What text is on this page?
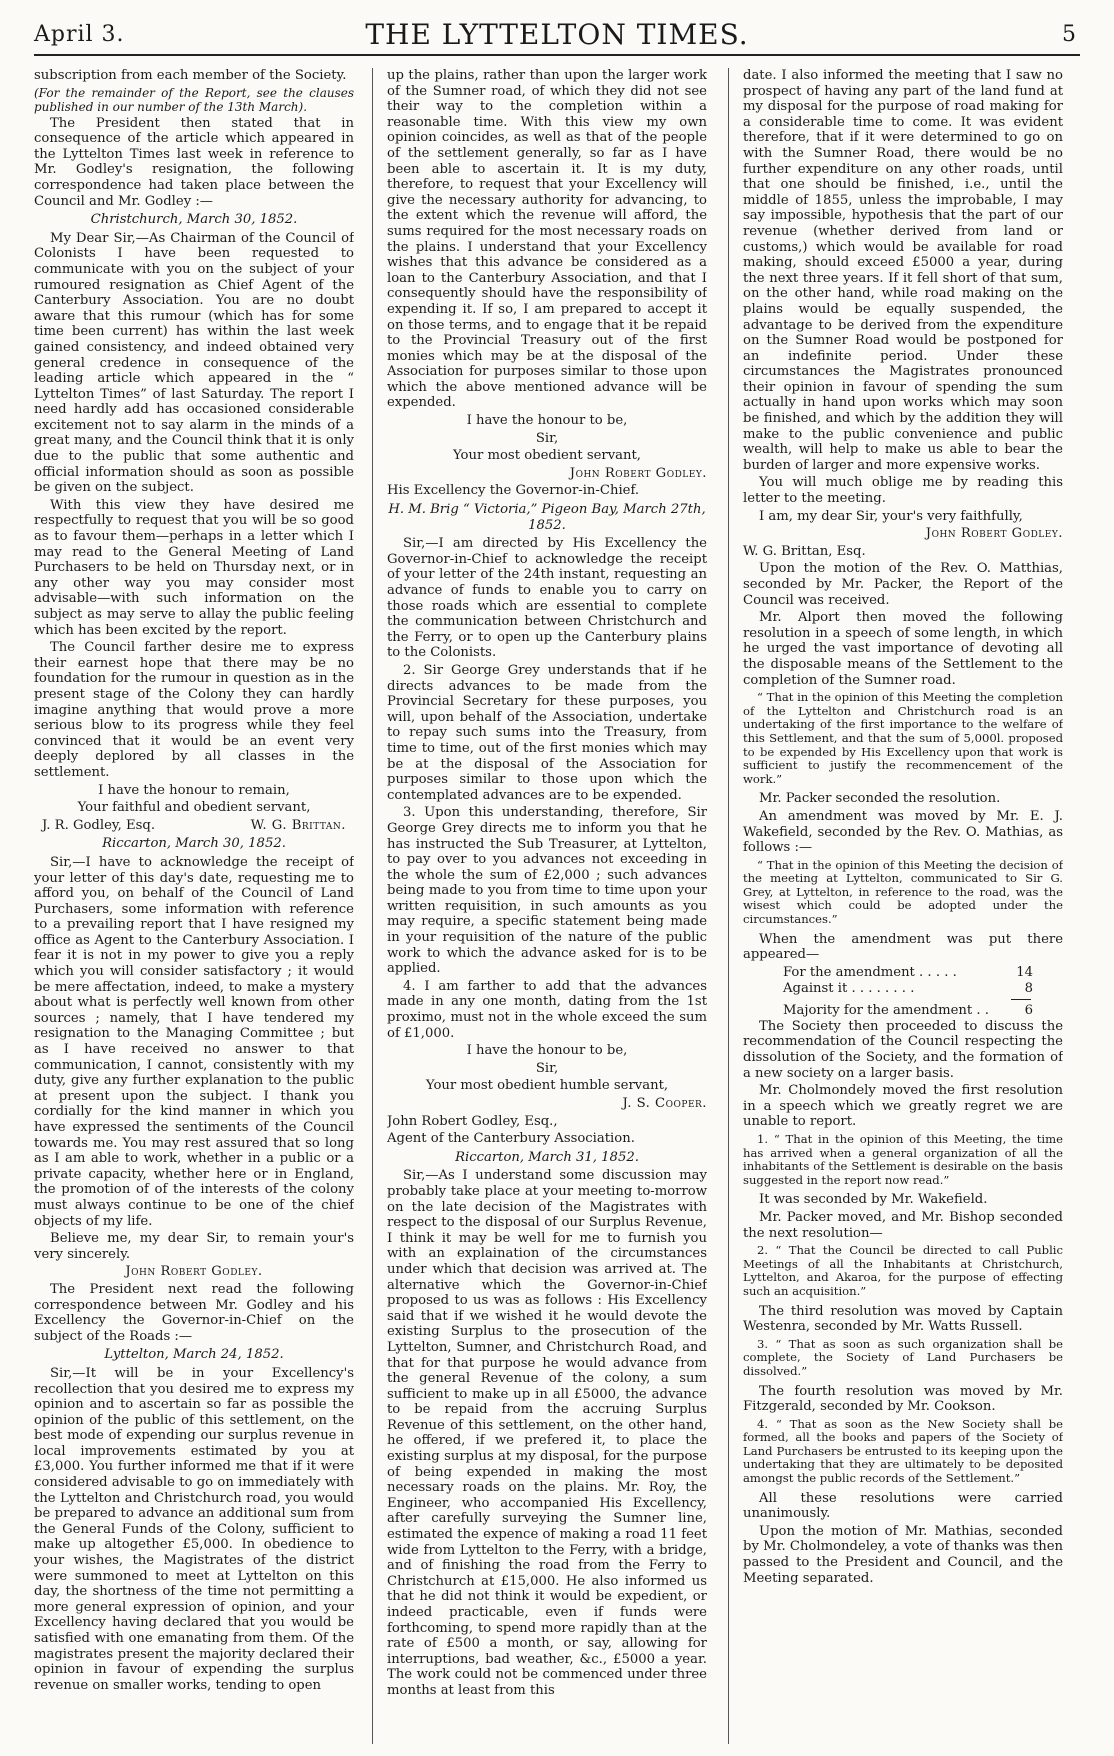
April 3.	THE LYTTELTON TIMES.	5

subscription from each member of the Society.

(For the remainder of the Report, see the clauses published in our number of the 13th March).

The President then stated that in consequence of the article which appeared in the Lyttelton Times last week in reference to Mr. Godley's resignation, the following correspondence had taken place between the Council and Mr. Godley :—

Christchurch, March 30, 1852.

My Dear Sir,—As Chairman of the Council of Colonists I have been requested to communicate with you on the subject of your rumoured resignation as Chief Agent of the Canterbury Association. You are no doubt aware that this rumour (which has for some time been current) has within the last week gained consistency, and indeed obtained very general credence in consequence of the leading article which appeared in the “ Lyttelton Times” of last Saturday. The report I need hardly add has occasioned considerable excitement not to say alarm in the minds of a great many, and the Council think that it is only due to the public that some authentic and official information should as soon as possible be given on the subject.

With this view they have desired me respectfully to request that you will be so good as to favour them—perhaps in a letter which I may read to the General Meeting of Land Purchasers to be held on Thursday next, or in any other way you may consider most advisable—with such information on the subject as may serve to allay the public feeling which has been excited by the report.

The Council farther desire me to express their earnest hope that there may be no foundation for the rumour in question as in the present stage of the Colony they can hardly imagine anything that would prove a more serious blow to its progress while they feel convinced that it would be an event very deeply deplored by all classes in the settlement.

I have the honour to remain,

Your faithful and obedient servant,

J. R. Godley, Esq.	W. G. Brittan.

Riccarton, March 30, 1852.

Sir,—I have to acknowledge the receipt of your letter of this day's date, requesting me to afford you, on behalf of the Council of Land Purchasers, some information with reference to a prevailing report that I have resigned my office as Agent to the Canterbury Association. I fear it is not in my power to give you a reply which you will consider satisfactory ; it would be mere affectation, indeed, to make a mystery about what is perfectly well known from other sources ; namely, that I have tendered my resignation to the Managing Committee ; but as I have received no answer to that communication, I cannot, consistently with my duty, give any further explanation to the public at present upon the subject. I thank you cordially for the kind manner in which you have expressed the sentiments of the Council towards me. You may rest assured that so long as I am able to work, whether in a public or a private capacity, whether here or in England, the promotion of of the interests of the colony must always continue to be one of the chief objects of my life.

Believe me, my dear Sir, to remain your's very sincerely.

John Robert Godley.

The President next read the following correspondence between Mr. Godley and his Excellency the Governor-in-Chief on the subject of the Roads :—

Lyttelton, March 24, 1852.

Sir,—It will be in your Excellency's recollection that you desired me to express my opinion and to ascertain so far as possible the opinion of the public of this settlement, on the best mode of expending our surplus revenue in local improvements estimated by you at £3,000. You further informed me that if it were considered advisable to go on immediately with the Lyttelton and Christchurch road, you would be prepared to advance an additional sum from the General Funds of the Colony, sufficient to make up altogether £5,000. In obedience to your wishes, the Magistrates of the district were summoned to meet at Lyttelton on this day, the shortness of the time not permitting a more general expression of opinion, and your Excellency having declared that you would be satisfied with one emanating from them. Of the magistrates present the majority declared their opinion in favour of expending the surplus revenue on smaller works, tending to open

up the plains, rather than upon the larger work of the Sumner road, of which they did not see their way to the completion within a reasonable time. With this view my own opinion coincides, as well as that of the people of the settlement generally, so far as I have been able to ascertain it. It is my duty, therefore, to request that your Excellency will give the necessary authority for advancing, to the extent which the revenue will afford, the sums required for the most necessary roads on the plains. I understand that your Excellency wishes that this advance be considered as a loan to the Canterbury Association, and that I consequently should have the responsibility of expending it. If so, I am prepared to accept it on those terms, and to engage that it be repaid to the Provincial Treasury out of the first monies which may be at the disposal of the Association for purposes similar to those upon which the above mentioned advance will be expended.

I have the honour to be,

Sir,

Your most obedient servant,

John Robert Godley.

His Excellency the Governor-in-Chief.

H. M. Brig “ Victoria,” Pigeon Bay, March 27th, 1852.

Sir,—I am directed by His Excellency the Governor-in-Chief to acknowledge the receipt of your letter of the 24th instant, requesting an advance of funds to enable you to carry on those roads which are essential to complete the communication between Christchurch and the Ferry, or to open up the Canterbury plains to the Colonists.

2. Sir George Grey understands that if he directs advances to be made from the Provincial Secretary for these purposes, you will, upon behalf of the Association, undertake to repay such sums into the Treasury, from time to time, out of the first monies which may be at the disposal of the Association for purposes similar to those upon which the contemplated advances are to be expended.

3. Upon this understanding, therefore, Sir George Grey directs me to inform you that he has instructed the Sub Treasurer, at Lyttelton, to pay over to you advances not exceeding in the whole the sum of £2,000 ; such advances being made to you from time to time upon your written requisition, in such amounts as you may require, a specific statement being made in your requisition of the nature of the public work to which the advance asked for is to be applied.

4. I am farther to add that the advances made in any one month, dating from the 1st proximo, must not in the whole exceed the sum of £1,000.

I have the honour to be,

Sir,

Your most obedient humble servant,

J. S. Cooper.

John Robert Godley, Esq.,

Agent of the Canterbury Association.

Riccarton, March 31, 1852.

Sir,—As I understand some discussion may probably take place at your meeting to-morrow on the late decision of the Magistrates with respect to the disposal of our Surplus Revenue, I think it may be well for me to furnish you with an explaination of the circumstances under which that decision was arrived at. The alternative which the Governor-in-Chief proposed to us was as follows : His Excellency said that if we wished it he would devote the existing Surplus to the prosecution of the Lyttelton, Sumner, and Christchurch Road, and that for that purpose he would advance from the general Revenue of the colony, a sum sufficient to make up in all £5000, the advance to be repaid from the accruing Surplus Revenue of this settlement, on the other hand, he offered, if we prefered it, to place the existing surplus at my disposal, for the purpose of being expended in making the most necessary roads on the plains. Mr. Roy, the Engineer, who accompanied His Excellency, after carefully surveying the Sumner line, estimated the expence of making a road 11 feet wide from Lyttelton to the Ferry, with a bridge, and of finishing the road from the Ferry to Christchurch at £15,000. He also informed us that he did not think it would be expedient, or indeed practicable, even if funds were forthcoming, to spend more rapidly than at the rate of £500 a month, or say, allowing for interruptions, bad weather, &c., £5000 a year. The work could not be commenced under three months at least from this

date. I also informed the meeting that I saw no prospect of having any part of the land fund at my disposal for the purpose of road making for a considerable time to come. It was evident therefore, that if it were determined to go on with the Sumner Road, there would be no further expenditure on any other roads, until that one should be finished, i.e., until the middle of 1855, unless the improbable, I may say impossible, hypothesis that the part of our revenue (whether derived from land or customs,) which would be available for road making, should exceed £5000 a year, during the next three years. If it fell short of that sum, on the other hand, while road making on the plains would be equally suspended, the advantage to be derived from the expenditure on the Sumner Road would be postponed for an indefinite period. Under these circumstances the Magistrates pronounced their opinion in favour of spending the sum actually in hand upon works which may soon be finished, and which by the addition they will make to the public convenience and public wealth, will help to make us able to bear the burden of larger and more expensive works.

You will much oblige me by reading this letter to the meeting.

I am, my dear Sir, your's very faithfully,

John Robert Godley.

W. G. Brittan, Esq.

Upon the motion of the Rev. O. Matthias, seconded by Mr. Packer, the Report of the Council was received.

Mr. Alport then moved the following resolution in a speech of some length, in which he urged the vast importance of devoting all the disposable means of the Settlement to the completion of the Sumner road.

“ That in the opinion of this Meeting the completion of the Lyttelton and Christchurch road is an undertaking of the first importance to the welfare of this Settlement, and that the sum of 5,000l. proposed to be expended by His Excellency upon that work is sufficient to justify the recommencement of the work.”

Mr. Packer seconded the resolution.

An amendment was moved by Mr. E. J. Wakefield, seconded by the Rev. O. Mathias, as follows :—

“ That in the opinion of this Meeting the decision of the meeting at Lyttelton, communicated to Sir G. Grey, at Lyttelton, in reference to the road, was the wisest which could be adopted under the circumstances.”

When the amendment was put there appeared—

For the amendment . . . . .	14
Against it . . . . . . . .	8
Majority for the amendment . .	6

The Society then proceeded to discuss the recommendation of the Council respecting the dissolution of the Society, and the formation of a new society on a larger basis.

Mr. Cholmondely moved the first resolution in a speech which we greatly regret we are unable to report.

1. “ That in the opinion of this Meeting, the time has arrived when a general organization of all the inhabitants of the Settlement is desirable on the basis suggested in the report now read.”

It was seconded by Mr. Wakefield.

Mr. Packer moved, and Mr. Bishop seconded the next resolution—

2. “ That the Council be directed to call Public Meetings of all the Inhabitants at Christchurch, Lyttelton, and Akaroa, for the purpose of effecting such an acquisition.”

The third resolution was moved by Captain Westenra, seconded by Mr. Watts Russell.

3. “ That as soon as such organization shall be complete, the Society of Land Purchasers be dissolved.”

The fourth resolution was moved by Mr. Fitzgerald, seconded by Mr. Cookson.

4. “ That as soon as the New Society shall be formed, all the books and papers of the Society of Land Purchasers be entrusted to its keeping upon the undertaking that they are ultimately to be deposited amongst the public records of the Settlement.”

All these resolutions were carried unanimously.

Upon the motion of Mr. Mathias, seconded by Mr. Cholmondeley, a vote of thanks was then passed to the President and Council, and the Meeting separated.
